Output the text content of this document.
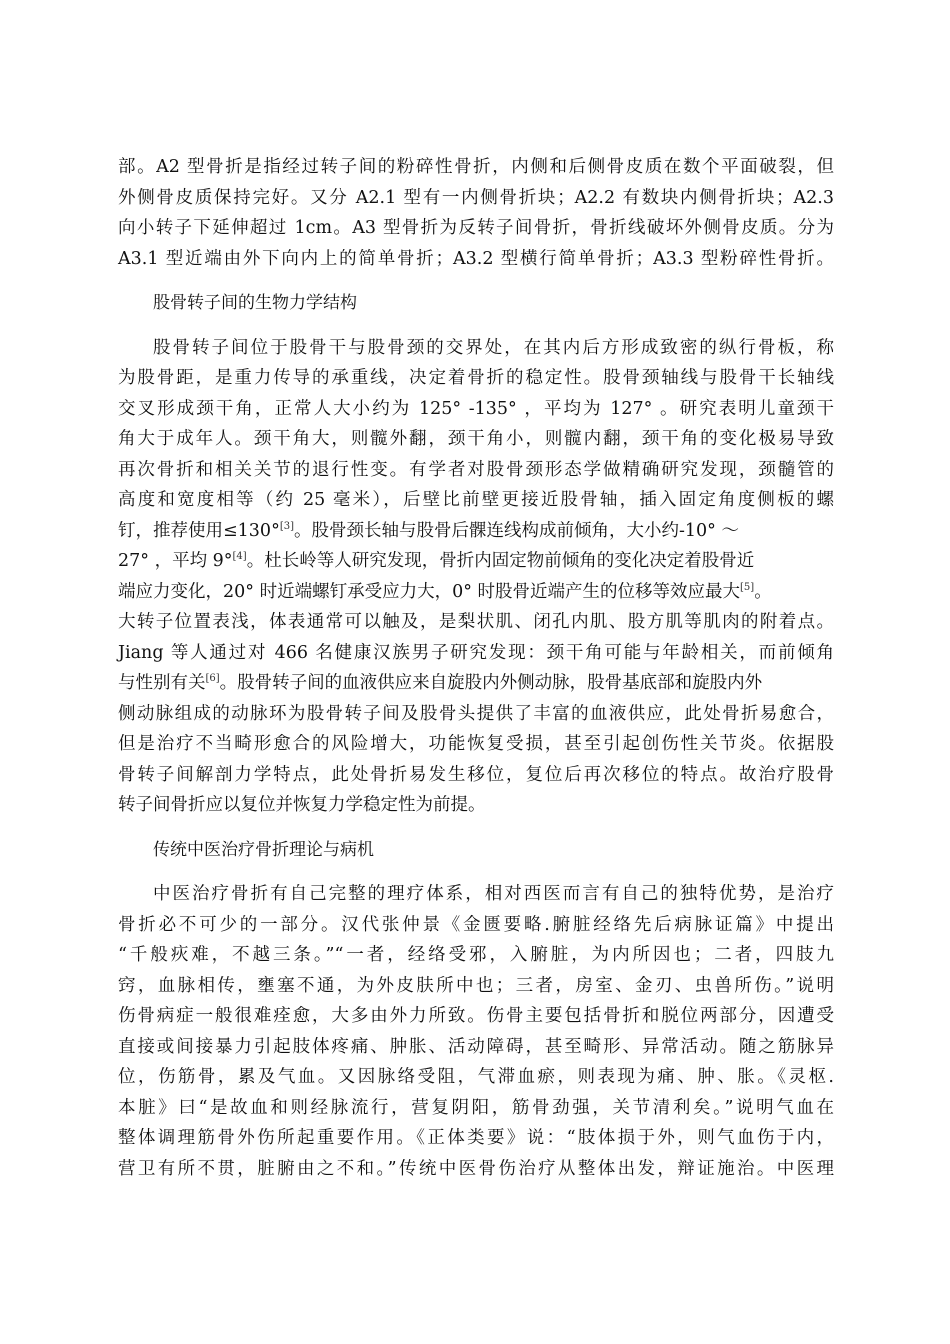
部。A2 型骨折是指经过转子间的粉碎性骨折，内侧和后侧骨皮质在数个平面破裂，但
外侧骨皮质保持完好。又分 A2.1 型有一内侧骨折块；A2.2 有数块内侧骨折块；A2.3
向小转子下延伸超过 1cm。A3 型骨折为反转子间骨折，骨折线破坏外侧骨皮质。分为
A3.1 型近端由外下向内上的简单骨折；A3.2 型横行简单骨折；A3.3 型粉碎性骨折。
股骨转子间的生物力学结构
股骨转子间位于股骨干与股骨颈的交界处，在其内后方形成致密的纵行骨板，称
为股骨距，是重力传导的承重线，决定着骨折的稳定性。股骨颈轴线与股骨干长轴线
交叉形成颈干角，正常人大小约为 125° -135° ，平均为 127° 。研究表明儿童颈干
角大于成年人。颈干角大，则髋外翻，颈干角小，则髋内翻，颈干角的变化极易导致
再次骨折和相关关节的退行性变。有学者对股骨颈形态学做精确研究发现，颈髓管的
高度和宽度相等（约 25 毫米），后壁比前壁更接近股骨轴，插入固定角度侧板的螺
钉，推荐使用≤130°[3]。股骨颈长轴与股骨后髁连线构成前倾角，大小约-10° ～
27° ，平均 9°[4]。杜长岭等人研究发现，骨折内固定物前倾角的变化决定着股骨近
端应力变化，20° 时近端螺钉承受应力大，0° 时股骨近端产生的位移等效应最大[5]。
大转子位置表浅，体表通常可以触及，是梨状肌、闭孔内肌、股方肌等肌肉的附着点。
Jiang 等人通过对 466 名健康汉族男子研究发现：颈干角可能与年龄相关，而前倾角
与性别有关[6]。股骨转子间的血液供应来自旋股内外侧动脉，股骨基底部和旋股内外
侧动脉组成的动脉环为股骨转子间及股骨头提供了丰富的血液供应，此处骨折易愈合，
但是治疗不当畸形愈合的风险增大，功能恢复受损，甚至引起创伤性关节炎。依据股
骨转子间解剖力学特点，此处骨折易发生移位，复位后再次移位的特点。故治疗股骨
转子间骨折应以复位并恢复力学稳定性为前提。
传统中医治疗骨折理论与病机
中医治疗骨折有自己完整的理疗体系，相对西医而言有自己的独特优势，是治疗
骨折必不可少的一部分。汉代张仲景《金匮要略.腑脏经络先后病脉证篇》中提出
“千般疢难，不越三条。”“一者，经络受邪，入腑脏，为内所因也；二者，四肢九
窍，血脉相传，壅塞不通，为外皮肤所中也；三者，房室、金刃、虫兽所伤。”说明
伤骨病症一般很难痊愈，大多由外力所致。伤骨主要包括骨折和脱位两部分，因遭受
直接或间接暴力引起肢体疼痛、肿胀、活动障碍，甚至畸形、异常活动。随之筋脉异
位，伤筋骨，累及气血。又因脉络受阻，气滞血瘀，则表现为痛、肿、胀。《灵枢.
本脏》曰“是故血和则经脉流行，营复阴阳，筋骨劲强，关节清利矣。”说明气血在
整体调理筋骨外伤所起重要作用。《正体类要》说：“肢体损于外，则气血伤于内，
营卫有所不贯，脏腑由之不和。”传统中医骨伤治疗从整体出发，辩证施治。中医理
